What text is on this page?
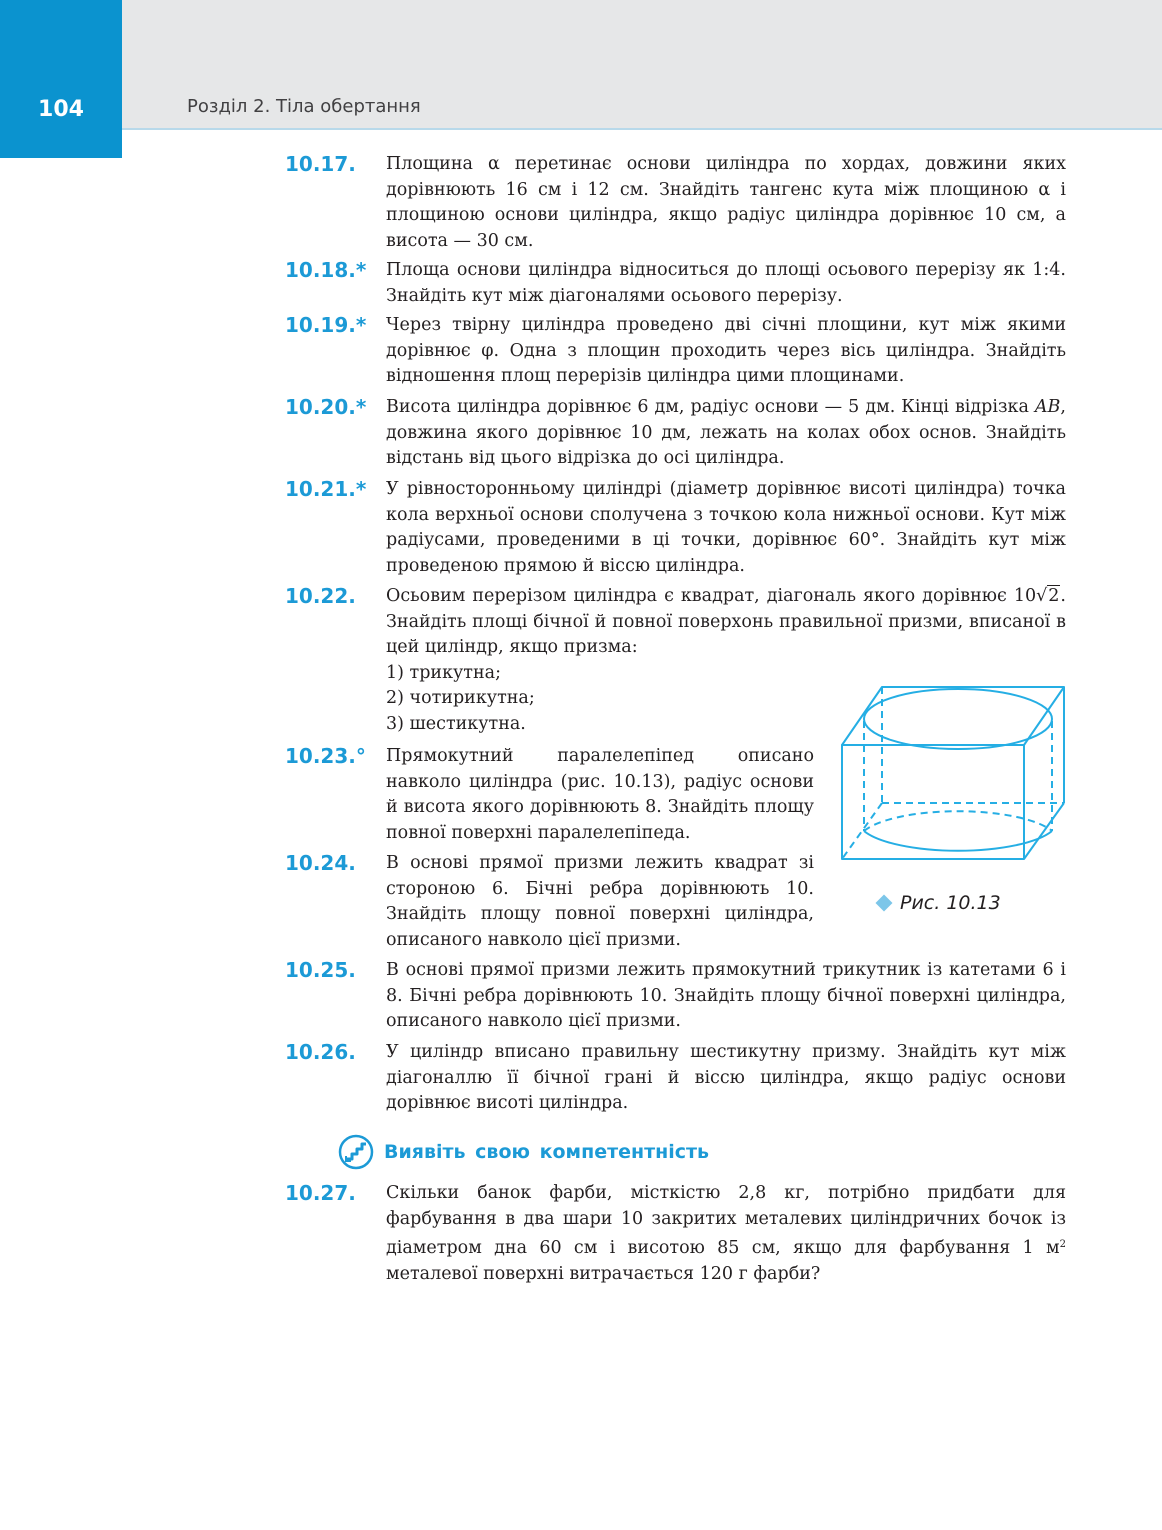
104	Розділ 2. Тіла обертання
10.17. Площина α перетинає основи циліндра по хордах, довжини яких дорівнюють 16 см і 12 см. Знайдіть тангенс кута між площиною α і площиною основи циліндра, якщо радіус циліндра дорівнює 10 см, а висота — 30 см.
10.18.* Площа основи циліндра відноситься до площі осьового перерізу як 1:4. Знайдіть кут між діагоналями осьового перерізу.
10.19.* Через твірну циліндра проведено дві січні площини, кут між якими дорівнює φ. Одна з площин проходить через вісь циліндра. Знайдіть відношення площ перерізів циліндра цими площинами.
10.20.* Висота циліндра дорівнює 6 дм, радіус основи — 5 дм. Кінці відрізка AB, довжина якого дорівнює 10 дм, лежать на колах обох основ. Знайдіть відстань від цього відрізка до осі циліндра.
10.21.* У рівносторонньому циліндрі (діаметр дорівнює висоті циліндра) точка кола верхньої основи сполучена з точкою кола нижньої основи. Кут між радіусами, проведеними в ці точки, дорівнює 60°. Знайдіть кут між проведеною прямою й віссю циліндра.
10.22. Осьовим перерізом циліндра є квадрат, діагональ якого дорівнює 10√2. Знайдіть площі бічної й повної поверхонь правильної призми, вписаної в цей циліндр, якщо призма:

1) трикутна;

2) чотирикутна;

3) шестикутна.

10.23.° Прямокутний паралелепіпед описано навколо циліндра (рис. 10.13), радіус основи й висота якого дорівнюють 8. Знайдіть площу повної поверхні паралелепіпеда.
10.24. В основі прямої призми лежить квадрат зі стороною 6. Бічні ребра дорівнюють 10. Знайдіть площу повної поверхні циліндра, описаного навколо цієї призми.
Рис. 10.13
10.25. В основі прямої призми лежить прямокутний трикутник із катетами 6 і 8. Бічні ребра дорівнюють 10. Знайдіть площу бічної поверхні циліндра, описаного навколо цієї призми.
10.26. У циліндр вписано правильну шестикутну призму. Знайдіть кут між діагоналлю її бічної грані й віссю циліндра, якщо радіус основи дорівнює висоті циліндра.
Виявіть свою компетентність
10.27. Скільки банок фарби, місткістю 2,8 кг, потрібно придбати для фарбування в два шари 10 закритих металевих циліндричних бочок із діаметром дна 60 см і висотою 85 см, якщо для фарбування 1 $м^2$ металевої поверхні витрачається 120 г фарби?
